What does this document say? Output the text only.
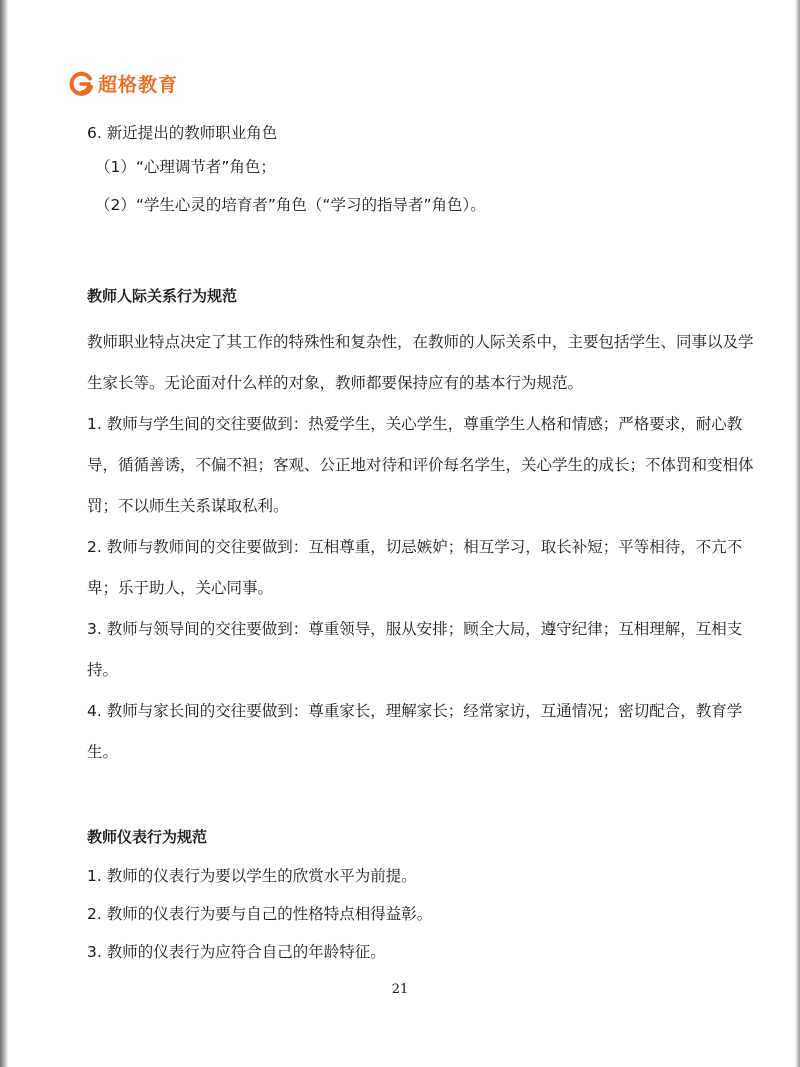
超格教育
6. 新近提出的教师职业角色
（1）“心理调节者”角色；
（2）“学生心灵的培育者”角色（“学习的指导者”角色）。
教师人际关系行为规范
教师职业特点决定了其工作的特殊性和复杂性，在教师的人际关系中，主要包括学生、同事以及学生家长等。无论面对什么样的对象，教师都要保持应有的基本行为规范。
1. 教师与学生间的交往要做到：热爱学生，关心学生，尊重学生人格和情感；严格要求，耐心教导，循循善诱，不偏不袒；客观、公正地对待和评价每名学生，关心学生的成长；不体罚和变相体罚；不以师生关系谋取私利。
2. 教师与教师间的交往要做到：互相尊重，切忌嫉妒；相互学习，取长补短；平等相待，不亢不卑；乐于助人，关心同事。
3. 教师与领导间的交往要做到：尊重领导，服从安排；顾全大局，遵守纪律；互相理解，互相支持。
4. 教师与家长间的交往要做到：尊重家长，理解家长；经常家访，互通情况；密切配合，教育学生。
教师仪表行为规范
1. 教师的仪表行为要以学生的欣赏水平为前提。
2. 教师的仪表行为要与自己的性格特点相得益彰。
3. 教师的仪表行为应符合自己的年龄特征。
21
